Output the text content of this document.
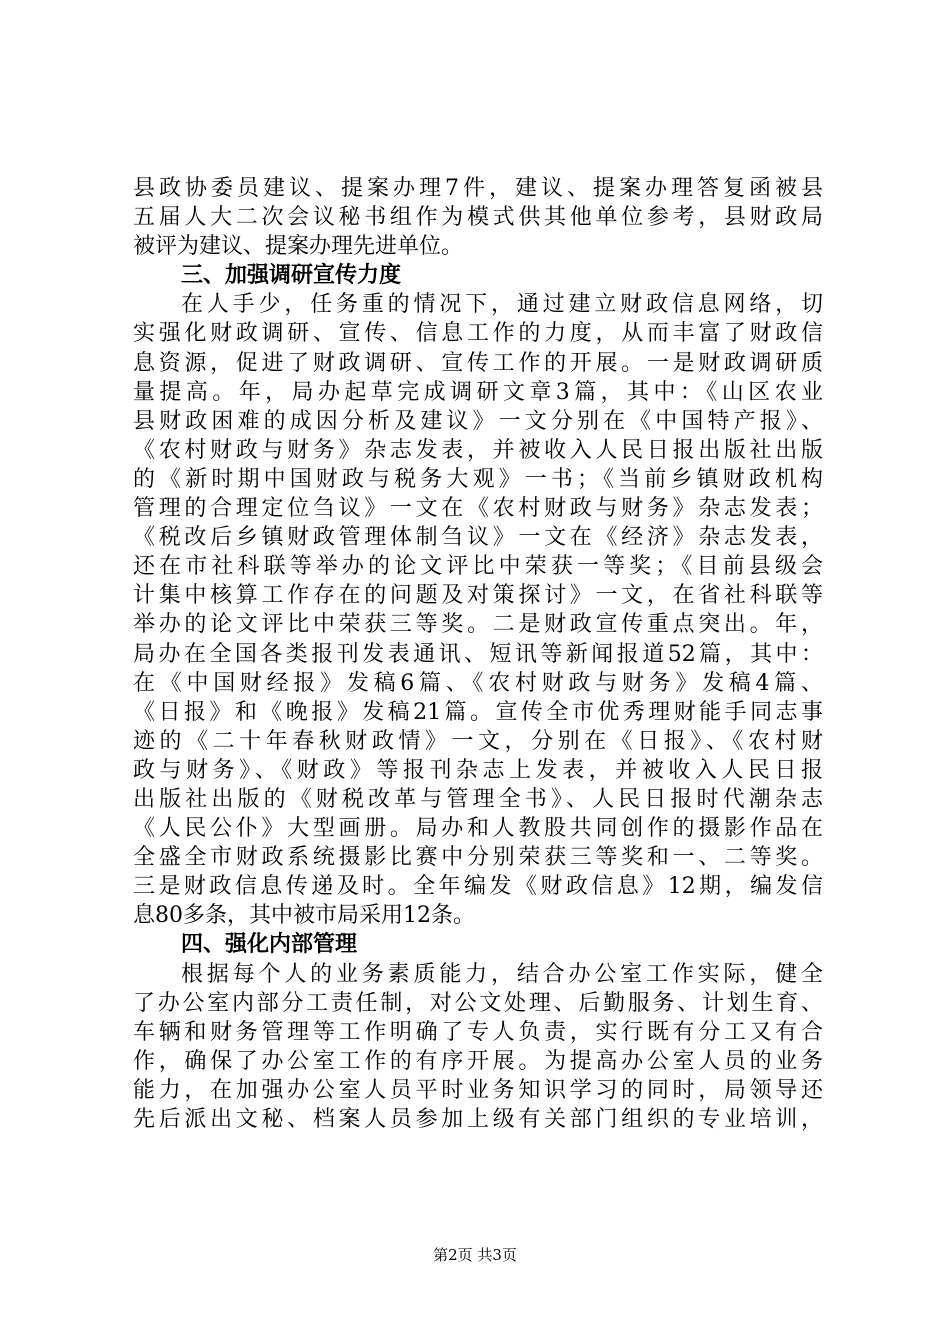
县政协委员建议、提案办理7件，建议、提案办理答复函被县
五届人大二次会议秘书组作为模式供其他单位参考，县财政局
被评为建议、提案办理先进单位。
三、加强调研宣传力度
在人手少，任务重的情况下，通过建立财政信息网络，切
实强化财政调研、宣传、信息工作的力度，从而丰富了财政信
息资源，促进了财政调研、宣传工作的开展。一是财政调研质
量提高。年，局办起草完成调研文章3篇，其中：《山区农业
县财政困难的成因分析及建议》一文分别在《中国特产报》、
《农村财政与财务》杂志发表，并被收入人民日报出版社出版
的《新时期中国财政与税务大观》一书；《当前乡镇财政机构
管理的合理定位刍议》一文在《农村财政与财务》杂志发表；
《税改后乡镇财政管理体制刍议》一文在《经济》杂志发表，
还在市社科联等举办的论文评比中荣获一等奖；《目前县级会
计集中核算工作存在的问题及对策探讨》一文，在省社科联等
举办的论文评比中荣获三等奖。二是财政宣传重点突出。年，
局办在全国各类报刊发表通讯、短讯等新闻报道52篇，其中：
在《中国财经报》发稿6篇、《农村财政与财务》发稿4篇、
《日报》和《晚报》发稿21篇。宣传全市优秀理财能手同志事
迹的《二十年春秋财政情》一文，分别在《日报》、《农村财
政与财务》、《财政》等报刊杂志上发表，并被收入人民日报
出版社出版的《财税改革与管理全书》、人民日报时代潮杂志
《人民公仆》大型画册。局办和人教股共同创作的摄影作品在
全盛全市财政系统摄影比赛中分别荣获三等奖和一、二等奖。
三是财政信息传递及时。全年编发《财政信息》12期，编发信
息80多条，其中被市局采用12条。
四、强化内部管理
根据每个人的业务素质能力，结合办公室工作实际，健全
了办公室内部分工责任制，对公文处理、后勤服务、计划生育、
车辆和财务管理等工作明确了专人负责，实行既有分工又有合
作，确保了办公室工作的有序开展。为提高办公室人员的业务
能力，在加强办公室人员平时业务知识学习的同时，局领导还
先后派出文秘、档案人员参加上级有关部门组织的专业培训，
第2页 共3页
